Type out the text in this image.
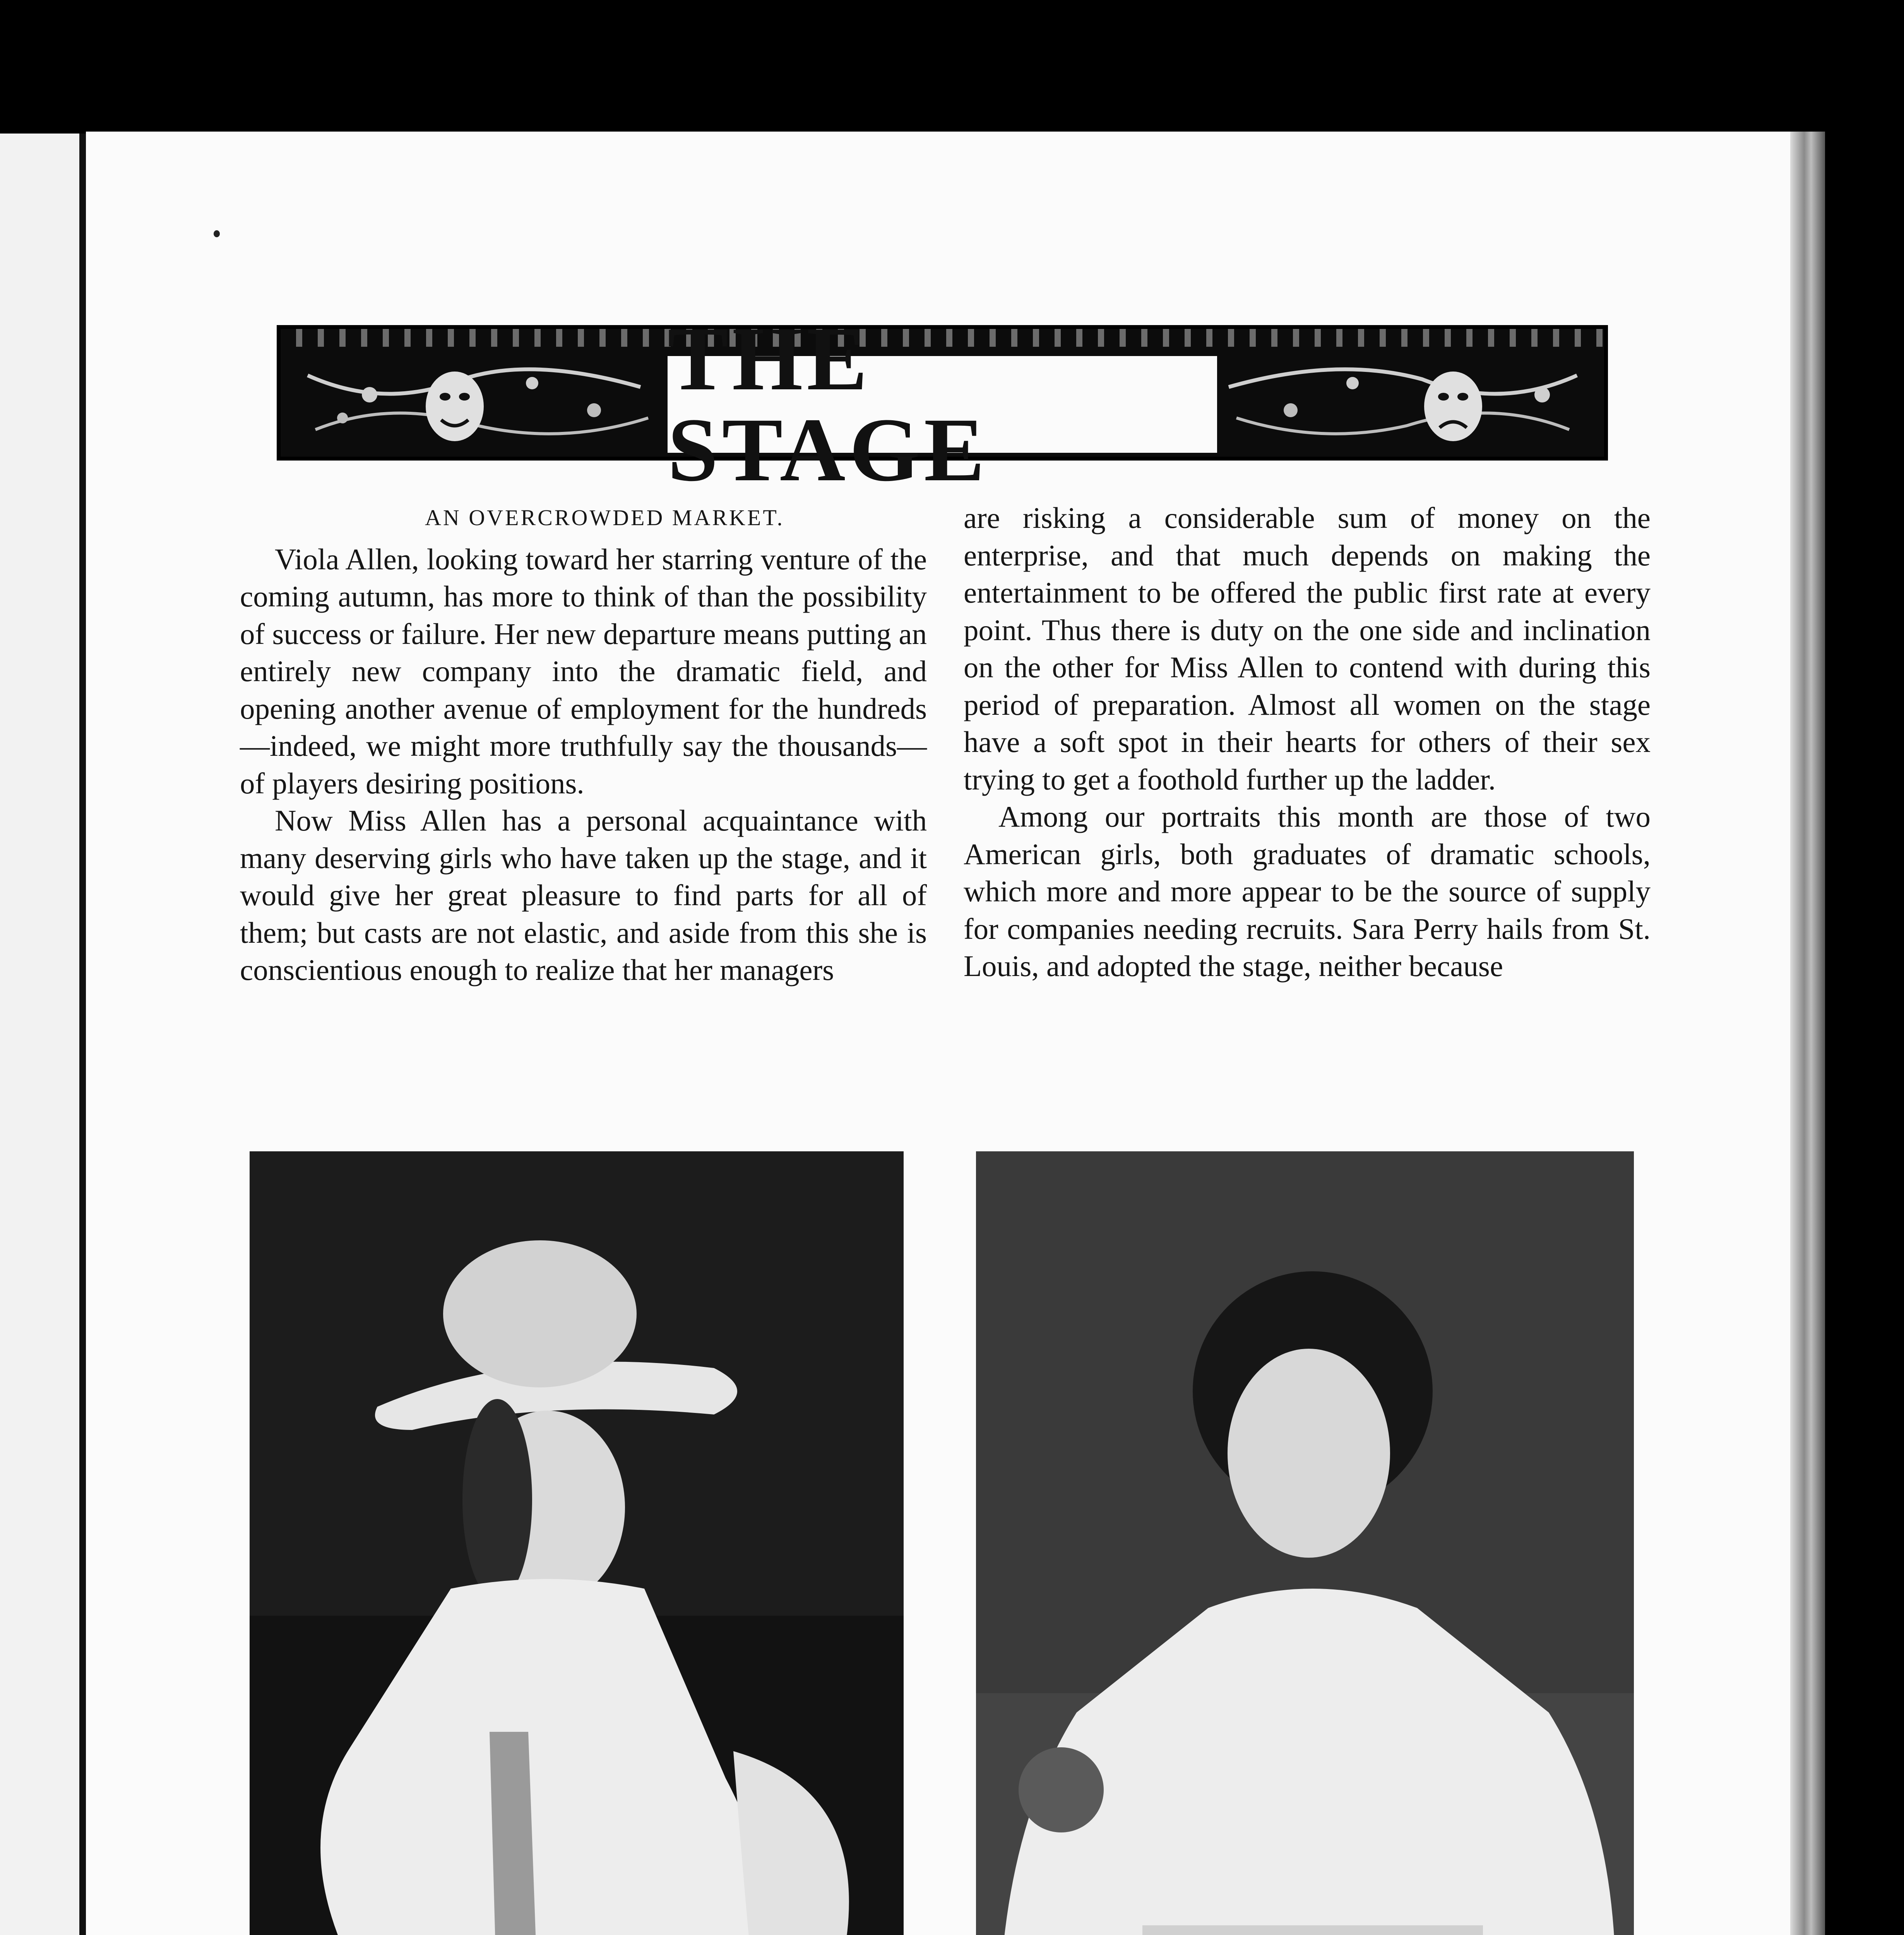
THE STAGE
AN OVERCROWDED MARKET.

Viola Allen, looking toward her starring venture of the coming autumn, has more to think of than the possibility of success or failure. Her new departure means putting an entirely new company into the dramatic field, and opening another avenue of employment for the hundreds—indeed, we might more truthfully say the thousands—of players desiring positions.

Now Miss Allen has a personal acquaintance with many deserving girls who have taken up the stage, and it would give her great pleasure to find parts for all of them; but casts are not elastic, and aside from this she is conscientious enough to realize that her managers

are risking a considerable sum of money on the enterprise, and that much depends on making the entertainment to be offered the public first rate at every point. Thus there is duty on the one side and inclination on the other for Miss Allen to contend with during this period of preparation. Almost all women on the stage have a soft spot in their hearts for others of their sex trying to get a foothold further up the ladder.

Among our portraits this month are those of two American girls, both graduates of dramatic schools, which more and more appear to be the source of supply for companies needing recruits. Sara Perry hails from St. Louis, and adopted the stage, neither because
